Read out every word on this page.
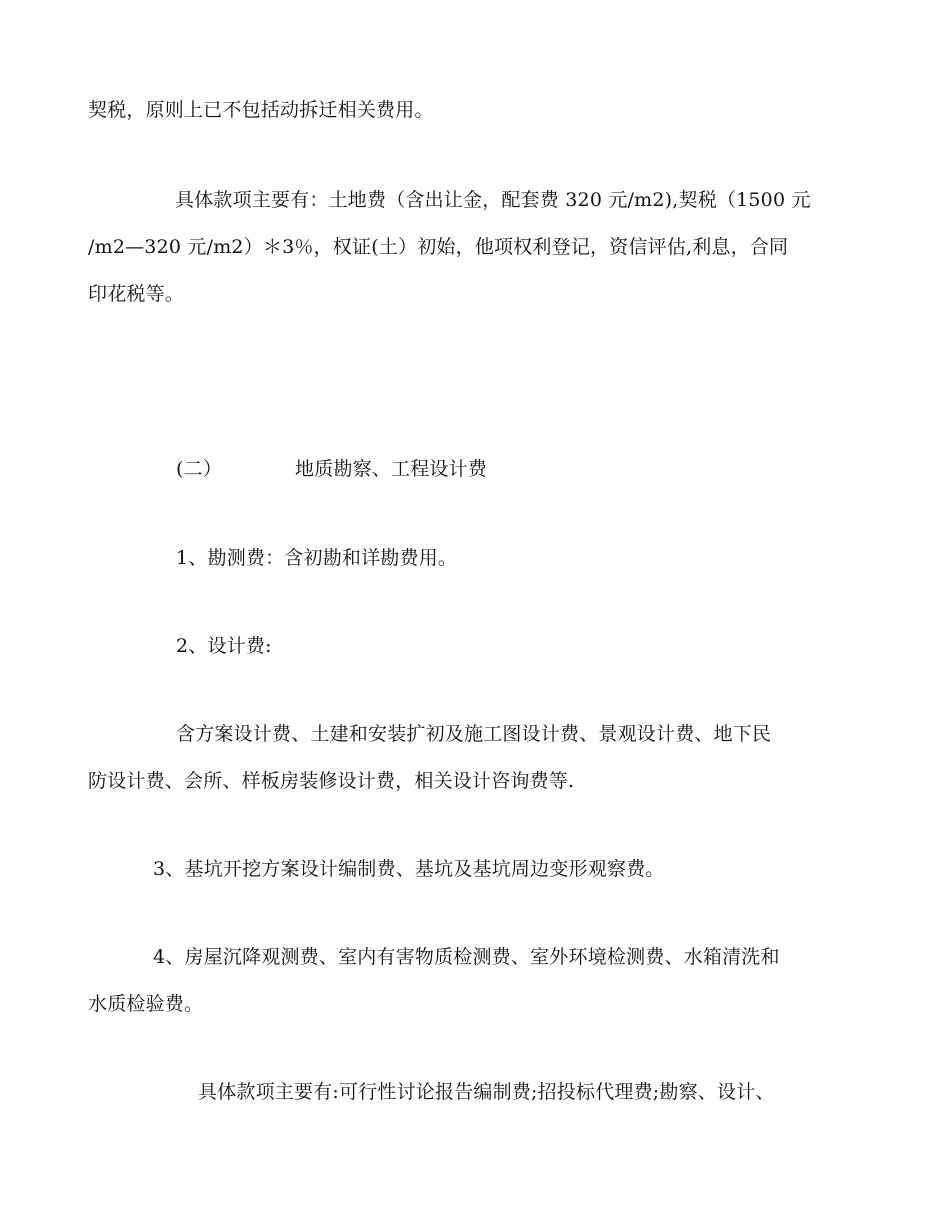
契税，原则上已不包括动拆迁相关费用。
具体款项主要有：土地费（含出让金，配套费 320 元/m2),契税（1500 元
/m2—320 元/m2）＊3％，权证(土）初始，他项权利登记，资信评估,利息，合同
印花税等。
(二）	地质勘察、工程设计费
1、勘测费：含初勘和详勘费用。
2、设计费:
含方案设计费、土建和安装扩初及施工图设计费、景观设计费、地下民
防设计费、会所、样板房装修设计费，相关设计咨询费等.
3、基坑开挖方案设计编制费、基坑及基坑周边变形观察费。
4、房屋沉降观测费、室内有害物质检测费、室外环境检测费、水箱清洗和
水质检验费。
具体款项主要有:可行性讨论报告编制费;招投标代理费;勘察、设计、
